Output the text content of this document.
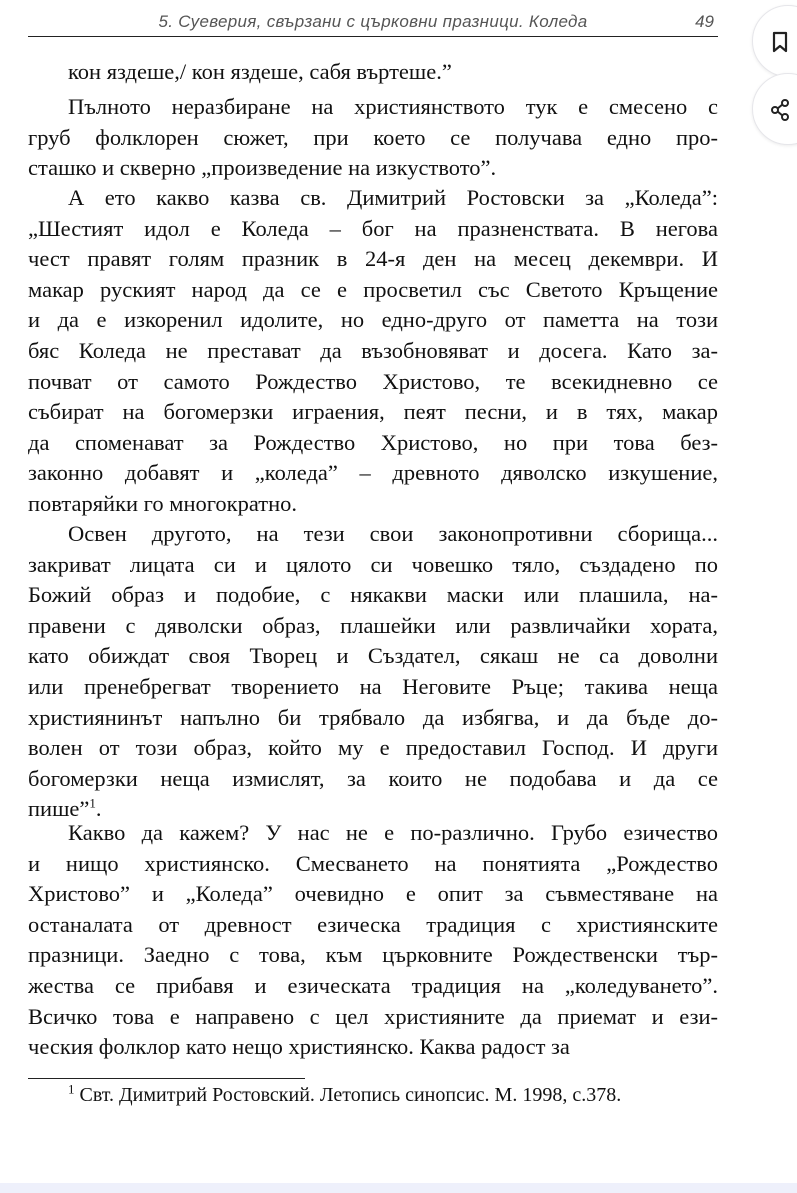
5. Суеверия, свързани с църковни празници. Коледа	49
кон яздеше,/ кон яздеше, сабя въртеше.”
Пълното неразбиране на християнството тук е смесено с
груб фолклорен сюжет, при което се получава едно про-
сташко и скверно „произведение на изкуството”.
А ето какво казва св. Димитрий Ростовски за „Коледа”:
„Шестият идол е Коледа – бог на празненствата. В негова
чест правят голям празник в 24-я ден на месец декември. И
макар руският народ да се е просветил със Светото Кръщение
и да е изкоренил идолите, но едно-друго от паметта на този
бяс Коледа не престават да възобновяват и досега. Като за-
почват от самото Рождество Христово, те всекидневно се
събират на богомерзки играения, пеят песни, и в тях, макар
да споменават за Рождество Христово, но при това без-
законно добавят и „коледа” – древното дяволско изкушение,
повтаряйки го многократно.
Освен другото, на тези свои законопротивни сборища...
закриват лицата си и цялото си човешко тяло, създадено по
Божий образ и подобие, с някакви маски или плашила, на-
правени с дяволски образ, плашейки или развличайки хората,
като обиждат своя Творец и Създател, сякаш не са доволни
или пренебрегват творението на Неговите Ръце; такива неща
християнинът напълно би трябвало да избягва, и да бъде до-
волен от този образ, който му е предоставил Господ. И други
богомерзки неща измислят, за които не подобава и да се
пише”$^1$.
Какво да кажем? У нас не е по-различно. Грубо езичество
и нищо християнско. Смесването на понятията „Рождество
Христово” и „Коледа” очевидно е опит за съвместяване на
останалата от древност езическа традиция с християнските
празници. Заедно с това, към църковните Рождественски тър-
жества се прибавя и езическата традиция на „коледуването”.
Всичко това е направено с цел християните да приемат и ези-
ческия фолклор като нещо християнско. Каква радост за
$^1$ Свт. Димитрий Ростовский. Летопись синопсис. М. 1998, с.378.
